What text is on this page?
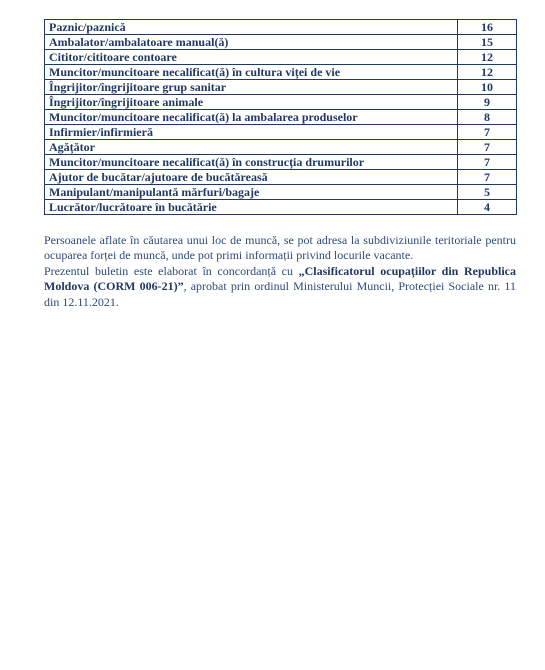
Paznic/paznică	16
Ambalator/ambalatoare manual(ă)	15
Cititor/cititoare contoare	12
Muncitor/muncitoare necalificat(ă) în cultura viței de vie	12
Îngrijitor/îngrijitoare grup sanitar	10
Îngrijitor/îngrijitoare animale	9
Muncitor/muncitoare necalificat(ă) la ambalarea produselor	8
Infirmier/infirmieră	7
Agățător	7
Muncitor/muncitoare necalificat(ă) în construcția drumurilor	7
Ajutor de bucătar/ajutoare de bucătăreasă	7
Manipulant/manipulantă mărfuri/bagaje	5
Lucrător/lucrătoare în bucătărie	4

Persoanele aflate în căutarea unui loc de muncă, se pot adresa la subdiviziunile teritoriale pentru ocuparea forței de muncă, unde pot primi informații privind locurile vacante.

Prezentul buletin este elaborat în concordanță cu „Clasificatorul ocupațiilor din Republica Moldova (CORM 006-21)”, aprobat prin ordinul Ministerului Muncii, Protecției Sociale nr. 11 din 12.11.2021.
